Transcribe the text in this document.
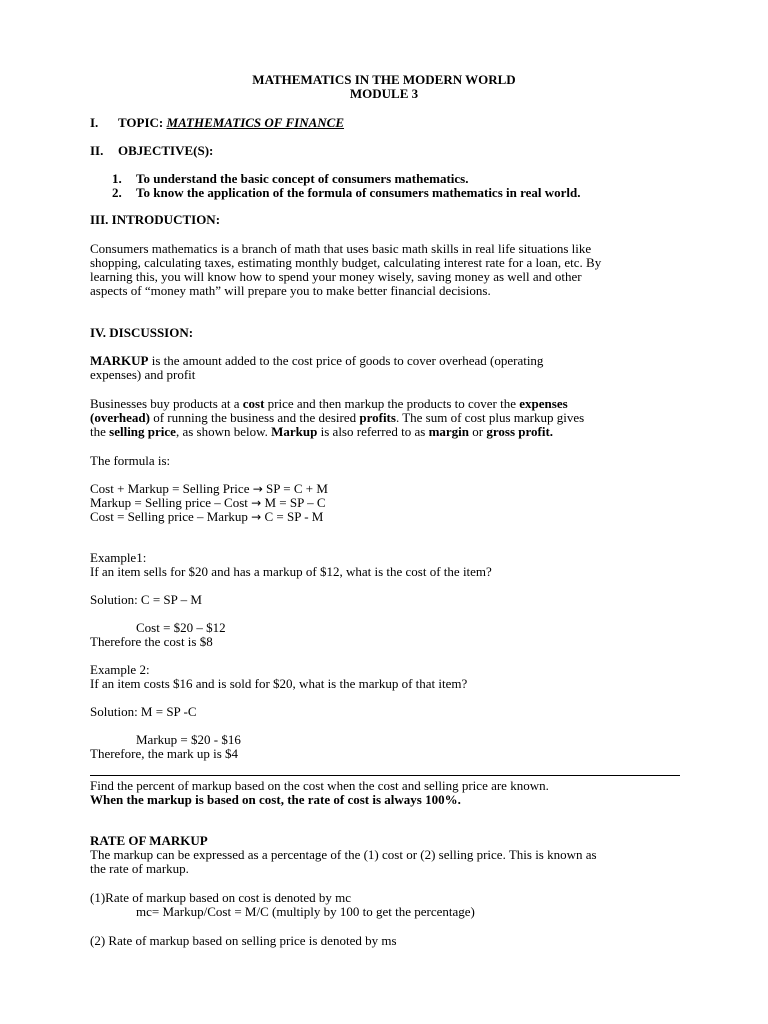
MATHEMATICS IN THE MODERN WORLD
MODULE 3
I. TOPIC: MATHEMATICS OF FINANCE
II. OBJECTIVE(S):
1. To understand the basic concept of consumers mathematics.
2. To know the application of the formula of consumers mathematics in real world.
III. INTRODUCTION:
Consumers mathematics is a branch of math that uses basic math skills in real life situations like
shopping, calculating taxes, estimating monthly budget, calculating interest rate for a loan, etc. By
learning this, you will know how to spend your money wisely, saving money as well and other
aspects of “money math” will prepare you to make better financial decisions.
IV. DISCUSSION:
MARKUP is the amount added to the cost price of goods to cover overhead (operating
expenses) and profit
Businesses buy products at a cost price and then markup the products to cover the expenses
(overhead) of running the business and the desired profits. The sum of cost plus markup gives
the selling price, as shown below. Markup is also referred to as margin or gross profit.
The formula is:
Cost + Markup = Selling Price → SP = C + M
Markup = Selling price – Cost → M = SP – C
Cost = Selling price – Markup → C = SP - M
Example1:
If an item sells for $20 and has a markup of $12, what is the cost of the item?
Solution: C = SP – M
Cost = $20 – $12
Therefore the cost is $8
Example 2:
If an item costs $16 and is sold for $20, what is the markup of that item?
Solution: M = SP -C
Markup = $20 - $16
Therefore, the mark up is $4
Find the percent of markup based on the cost when the cost and selling price are known.
When the markup is based on cost, the rate of cost is always 100%.
RATE OF MARKUP
The markup can be expressed as a percentage of the (1) cost or (2) selling price. This is known as
the rate of markup.
(1)Rate of markup based on cost is denoted by mc
mc= Markup/Cost = M/C (multiply by 100 to get the percentage)
(2) Rate of markup based on selling price is denoted by ms
